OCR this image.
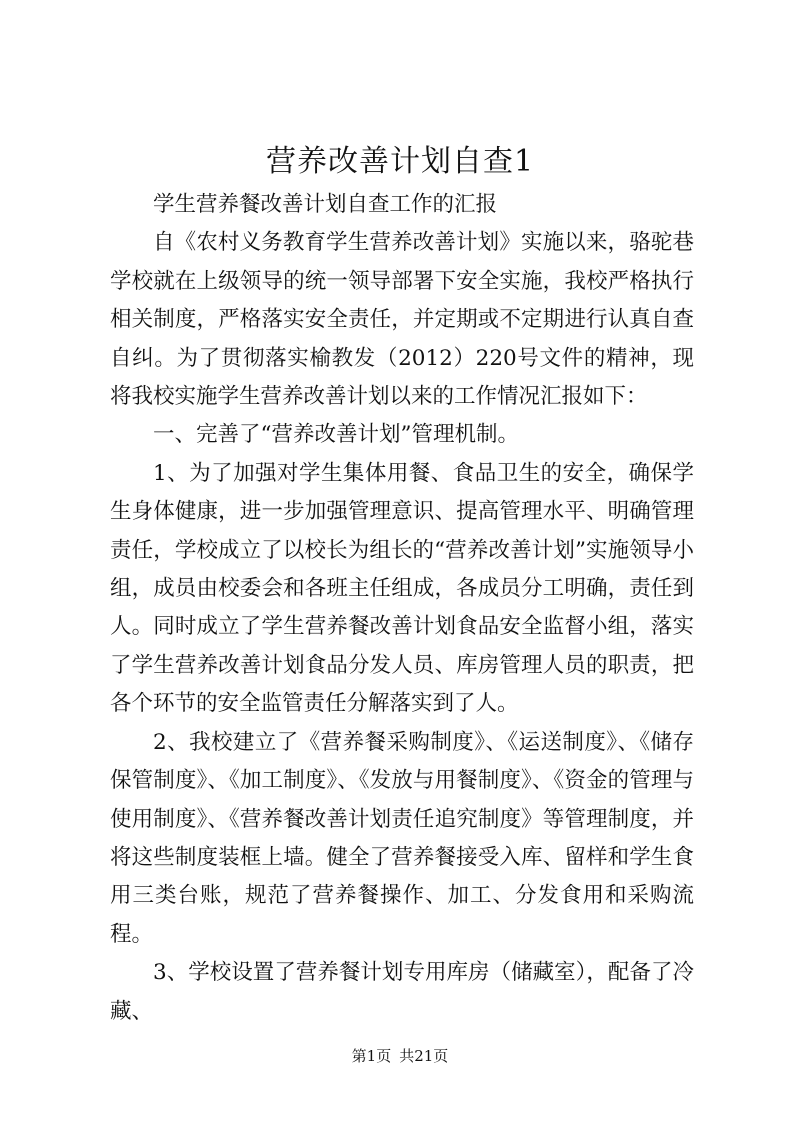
营养改善计划自查1

学生营养餐改善计划自查工作的汇报

自《农村义务教育学生营养改善计划》实施以来，骆驼巷学校就在上级领导的统一领导部署下安全实施，我校严格执行相关制度，严格落实安全责任，并定期或不定期进行认真自查自纠。为了贯彻落实榆教发（2012）220号文件的精神，现将我校实施学生营养改善计划以来的工作情况汇报如下：

一、完善了“营养改善计划”管理机制。

1、为了加强对学生集体用餐、食品卫生的安全，确保学生身体健康，进一步加强管理意识、提高管理水平、明确管理责任，学校成立了以校长为组长的“营养改善计划”实施领导小组，成员由校委会和各班主任组成，各成员分工明确，责任到人。同时成立了学生营养餐改善计划食品安全监督小组，落实了学生营养改善计划食品分发人员、库房管理人员的职责，把各个环节的安全监管责任分解落实到了人。

2、我校建立了《营养餐采购制度》、《运送制度》、《储存保管制度》、《加工制度》、《发放与用餐制度》、《资金的管理与使用制度》、《营养餐改善计划责任追究制度》等管理制度，并将这些制度装框上墙。健全了营养餐接受入库、留样和学生食用三类台账，规范了营养餐操作、加工、分发食用和采购流程。

3、学校设置了营养餐计划专用库房（储藏室），配备了冷藏、

第1页 共21页
